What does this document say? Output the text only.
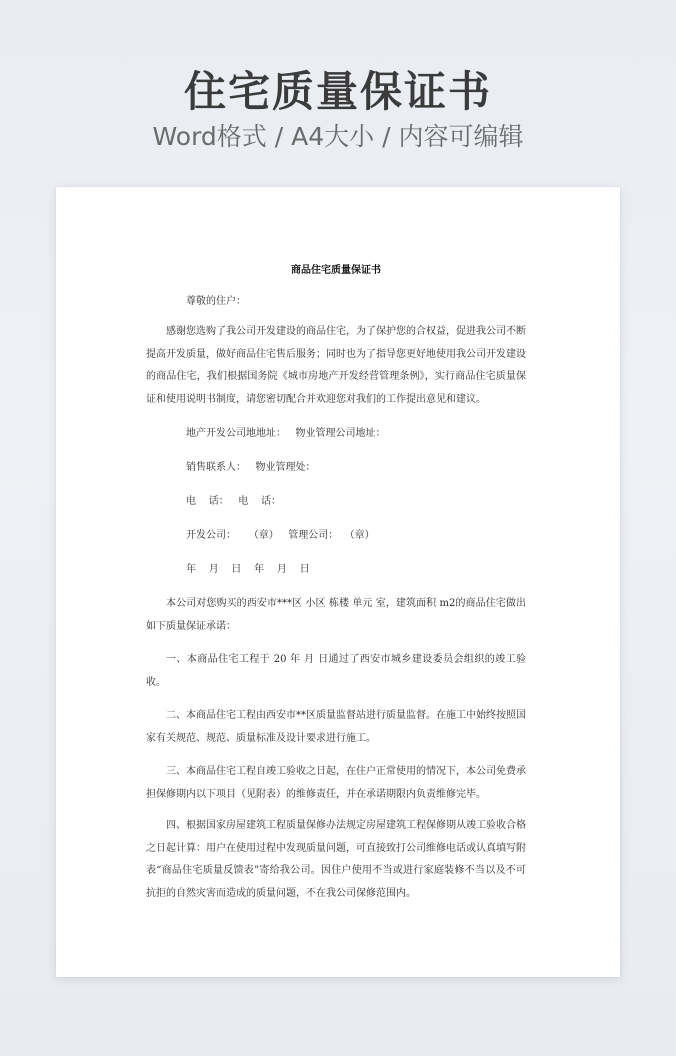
住宅质量保证书
Word格式 / A4大小 / 内容可编辑
商品住宅质量保证书
尊敬的住户：
感谢您选购了我公司开发建设的商品住宅，为了保护您的合权益，促进我公司不断提高开发质量，做好商品住宅售后服务；同时也为了指导您更好地使用我公司开发建设的商品住宅，我们根据国务院《城市房地产开发经营管理条例》，实行商品住宅质量保证和使用说明书制度，请您密切配合并欢迎您对我们的工作提出意见和建议。
地产开发公司地地址：   物业管理公司地址：
销售联系人：   物业管理处：
电    话：   电    话：
开发公司：    （章）   管理公司：  （章）
年    月    日    年    月    日
本公司对您购买的西安市***区 小区 栋楼 单元 室，建筑面积 m2的商品住宅做出如下质量保证承诺：
一、本商品住宅工程于 20 年 月 日通过了西安市城乡建设委员会组织的竣工验收。
二、本商品住宅工程由西安市**区质量监督站进行质量监督。在施工中始终按照国家有关规范、规范、质量标准及设计要求进行施工。
三、本商品住宅工程自竣工验收之日起，在住户正常使用的情况下，本公司免费承担保修期内以下项目（见附表）的维修责任，并在承诺期限内负责维修完毕。
四、根据国家房屋建筑工程质量保修办法规定房屋建筑工程保修期从竣工验收合格之日起计算：用户在使用过程中发现质量问题，可直接致打公司维修电话或认真填写附表“商品住宅质量反馈表”寄给我公司。因住户使用不当或进行家庭装修不当以及不可抗拒的自然灾害而造成的质量问题，不在我公司保修范围内。
